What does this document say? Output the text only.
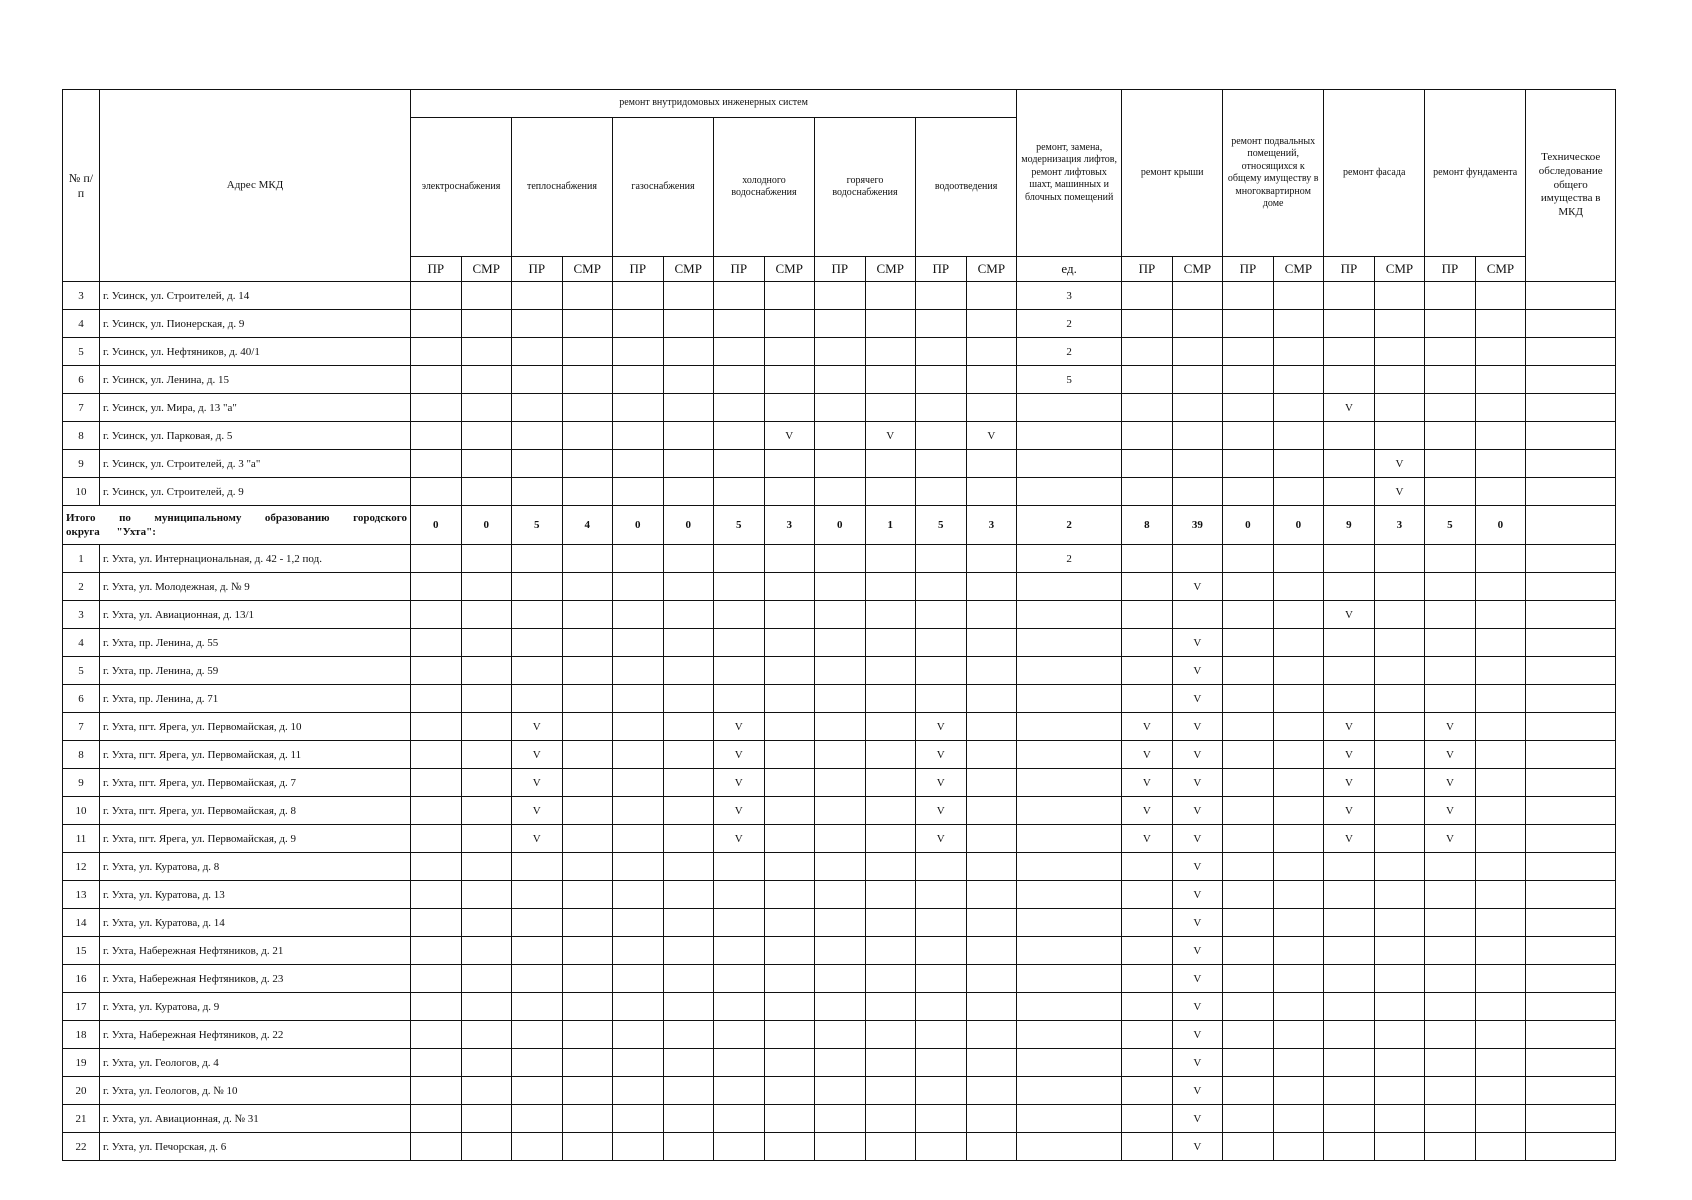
№ п/п	Адрес МКД	ремонт внутридомовых инженерных систем												ремонт, замена, модернизация лифтов, ремонт лифтовых шахт, машинных и блочных помещений	ремонт крыши		ремонт подвальных помещений, относящихся к общему имуществу в многоквартирном доме		ремонт фасада		ремонт фундамента		Техническое обследование общего имущества в МКД
		электроснабжения		теплоснабжения		газоснабжения		холодного водоснабжения		горячего водоснабжения		водоотведения											
		ПР	СМР	ПР	СМР	ПР	СМР	ПР	СМР	ПР	СМР	ПР	СМР	ед.	ПР	СМР	ПР	СМР	ПР	СМР	ПР	СМР	
3	г. Усинск, ул. Строителей, д. 14													3									
4	г. Усинск, ул. Пионерская, д. 9													2									
5	г. Усинск, ул. Нефтяников, д. 40/1													2									
6	г. Усинск, ул. Ленина, д. 15													5									
7	г. Усинск, ул. Мира, д. 13 "а"																		V				
8	г. Усинск, ул. Парковая, д. 5								V		V		V										
9	г. Усинск, ул. Строителей, д. 3 "а"																			V			
10	г. Усинск, ул. Строителей, д. 9																			V			
Итого по муниципальному образованию городского округа "Ухта":		0	0	5	4	0	0	5	3	0	1	5	3	2	8	39	0	0	9	3	5	0	
1	г. Ухта, ул. Интернациональная, д. 42 - 1,2 под.													2									
2	г. Ухта, ул. Молодежная, д. № 9															V							
3	г. Ухта, ул. Авиационная, д. 13/1																		V				
4	г. Ухта, пр. Ленина, д. 55															V							
5	г. Ухта, пр. Ленина, д. 59															V							
6	г. Ухта, пр. Ленина, д. 71															V							
7	г. Ухта, пгт. Ярега, ул. Первомайская, д. 10			V				V				V			V	V			V		V		
8	г. Ухта, пгт. Ярега, ул. Первомайская, д. 11			V				V				V			V	V			V		V		
9	г. Ухта, пгт. Ярега, ул. Первомайская, д. 7			V				V				V			V	V			V		V		
10	г. Ухта, пгт. Ярега, ул. Первомайская, д. 8			V				V				V			V	V			V		V		
11	г. Ухта, пгт. Ярега, ул. Первомайская, д. 9			V				V				V			V	V			V		V		
12	г. Ухта, ул. Куратова, д. 8															V							
13	г. Ухта, ул. Куратова, д. 13															V							
14	г. Ухта, ул. Куратова, д. 14															V							
15	г. Ухта, Набережная Нефтяников, д. 21															V							
16	г. Ухта, Набережная Нефтяников, д. 23															V							
17	г. Ухта, ул. Куратова, д. 9															V							
18	г. Ухта, Набережная Нефтяников, д. 22															V							
19	г. Ухта, ул. Геологов, д. 4															V							
20	г. Ухта, ул. Геологов, д. № 10															V							
21	г. Ухта, ул. Авиационная, д. № 31															V							
22	г. Ухта, ул. Печорская, д. 6															V							
